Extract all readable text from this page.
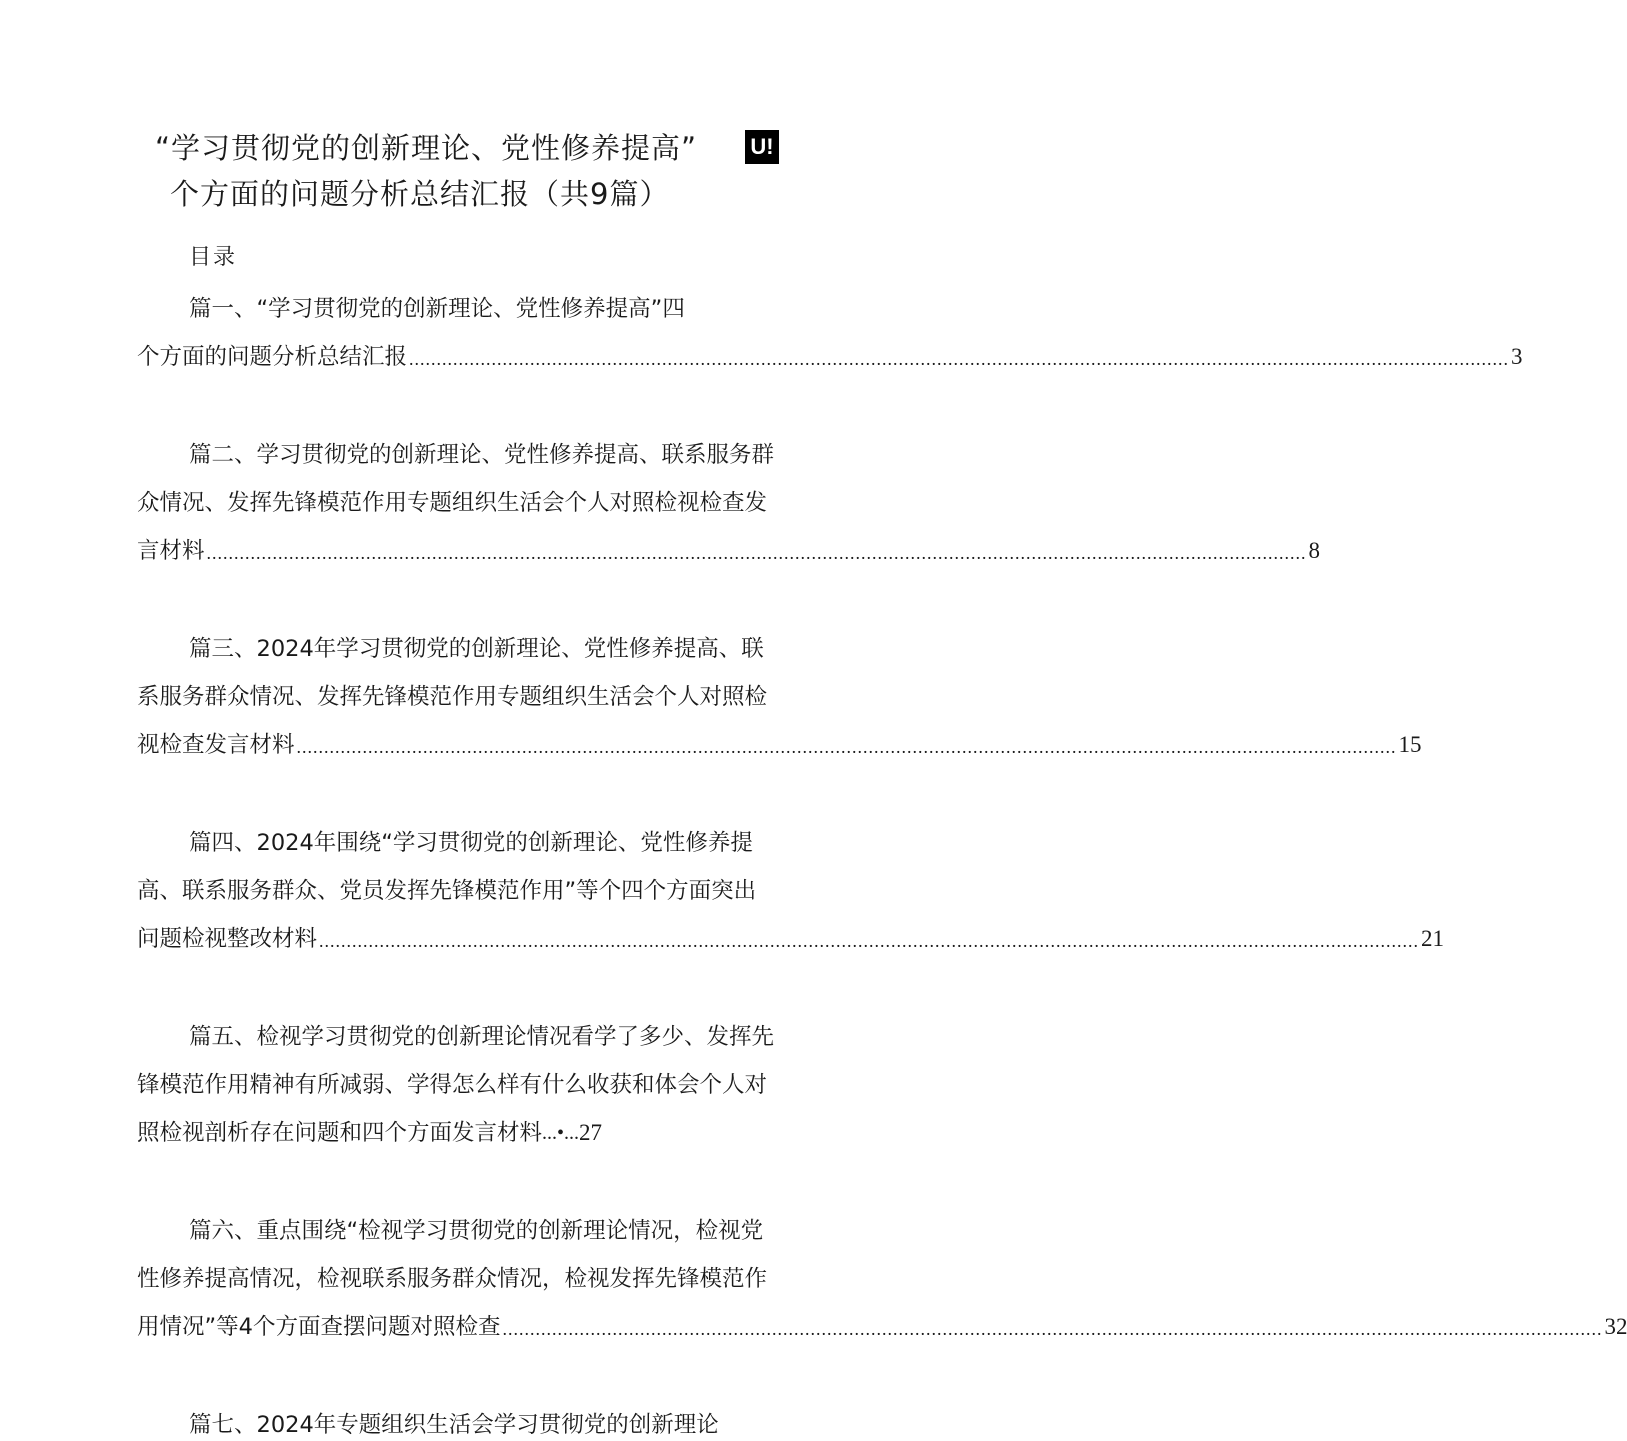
“学习贯彻党的创新理论、党性修养提高” U!
个方面的问题分析总结汇报（共9篇）
目录
篇一、“学习贯彻党的创新理论、党性修养提高”四
个方面的问题分析总结汇报 ........................................................................................................................................................................................................ 3
篇二、学习贯彻党的创新理论、党性修养提高、联系服务群
众情况、发挥先锋模范作用专题组织生活会个人对照检视检查发
言材料 ........................................................................................................................................................................................................ 8
篇三、2024年学习贯彻党的创新理论、党性修养提高、联
系服务群众情况、发挥先锋模范作用专题组织生活会个人对照检
视检查发言材料 ........................................................................................................................................................................................................ 15
篇四、2024年围绕“学习贯彻党的创新理论、党性修养提
高、联系服务群众、党员发挥先锋模范作用”等个四个方面突出
问题检视整改材料 ........................................................................................................................................................................................................ 21
篇五、检视学习贯彻党的创新理论情况看学了多少、发挥先
锋模范作用精神有所减弱、学得怎么样有什么收获和体会个人对
照检视剖析存在问题和四个方面发言材料 ...•... 27
篇六、重点围绕“检视学习贯彻党的创新理论情况，检视党
性修养提高情况，检视联系服务群众情况，检视发挥先锋模范作
用情况”等4个方面查摆问题对照检查 ........................................................................................................................................................................................................ 32
篇七、2024年专题组织生活会学习贯彻党的创新理论
